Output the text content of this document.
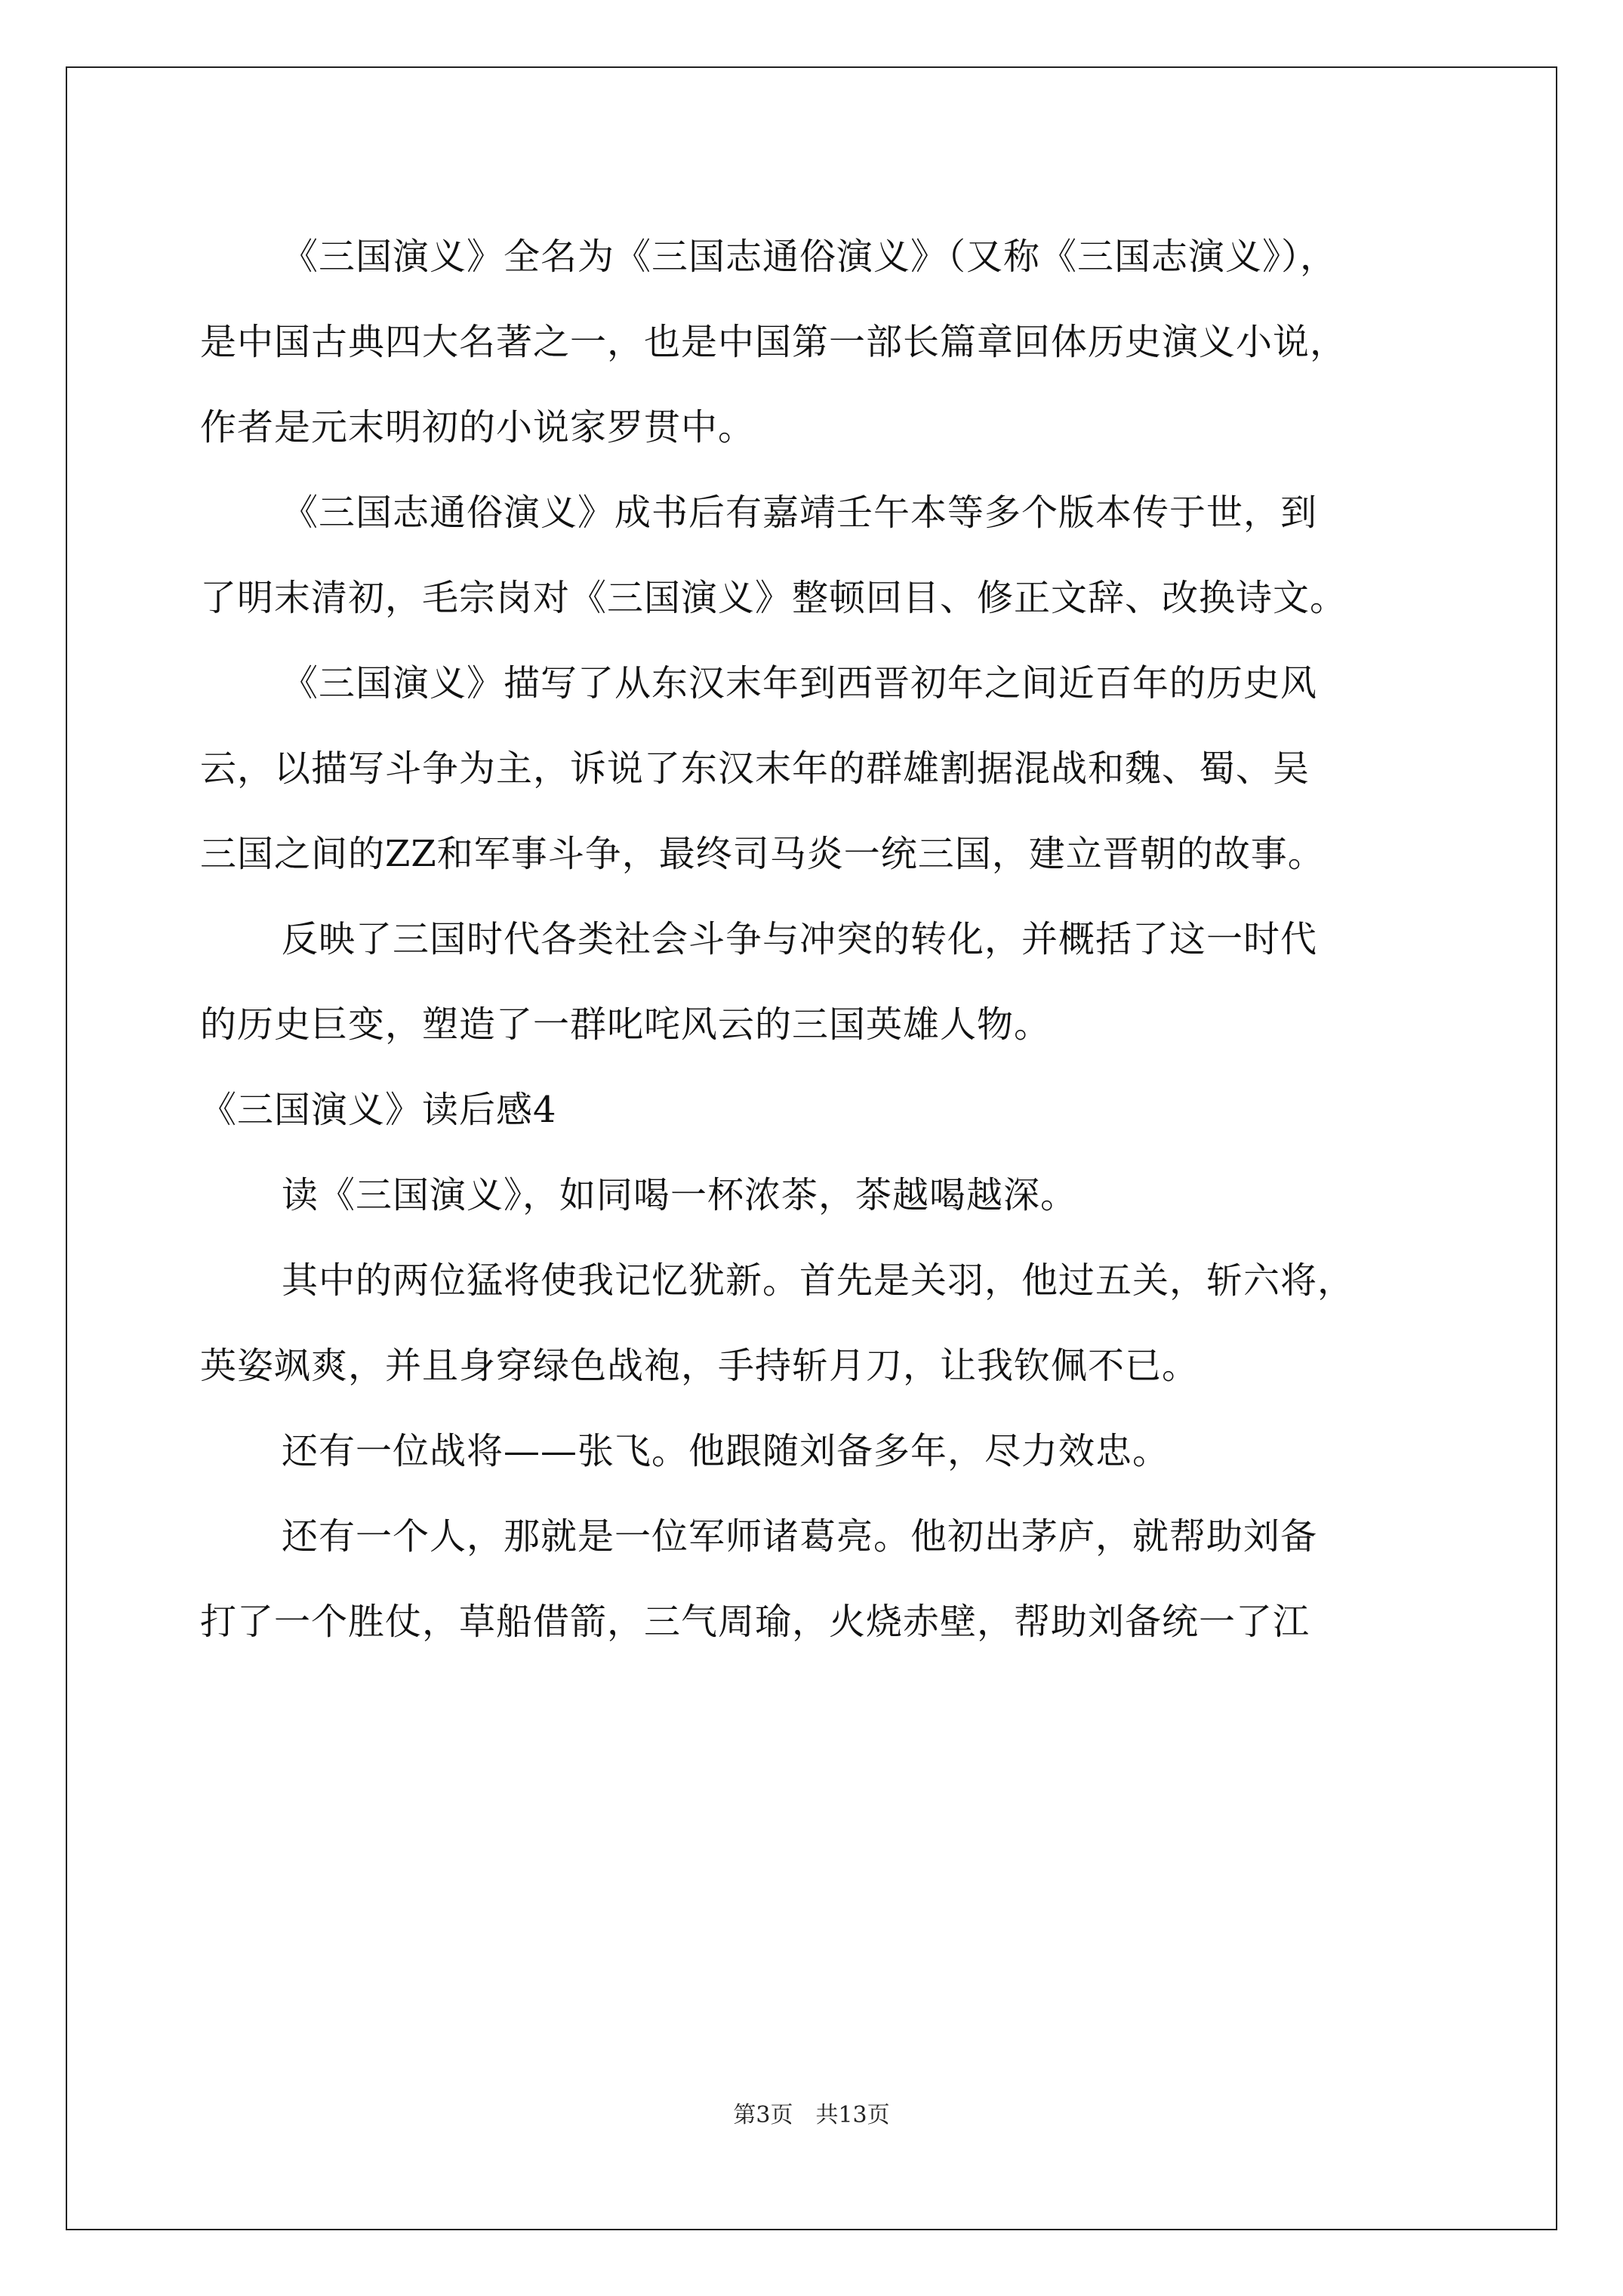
《三国演义》全名为《三国志通俗演义》（又称《三国志演义》），
是中国古典四大名著之一，也是中国第一部长篇章回体历史演义小说，
作者是元末明初的小说家罗贯中。
《三国志通俗演义》成书后有嘉靖壬午本等多个版本传于世，到
了明末清初，毛宗岗对《三国演义》整顿回目、修正文辞、改换诗文。
《三国演义》描写了从东汉末年到西晋初年之间近百年的历史风
云，以描写斗争为主，诉说了东汉末年的群雄割据混战和魏、蜀、吴
三国之间的ZZ和军事斗争，最终司马炎一统三国，建立晋朝的故事。
反映了三国时代各类社会斗争与冲突的转化，并概括了这一时代
的历史巨变，塑造了一群叱咤风云的三国英雄人物。
《三国演义》读后感4
读《三国演义》，如同喝一杯浓茶，茶越喝越深。
其中的两位猛将使我记忆犹新。首先是关羽，他过五关，斩六将，
英姿飒爽，并且身穿绿色战袍，手持斩月刀，让我钦佩不已。
还有一位战将——张飞。他跟随刘备多年，尽力效忠。
还有一个人，那就是一位军师诸葛亮。他初出茅庐，就帮助刘备
打了一个胜仗，草船借箭，三气周瑜，火烧赤壁，帮助刘备统一了江
第3页　共13页
